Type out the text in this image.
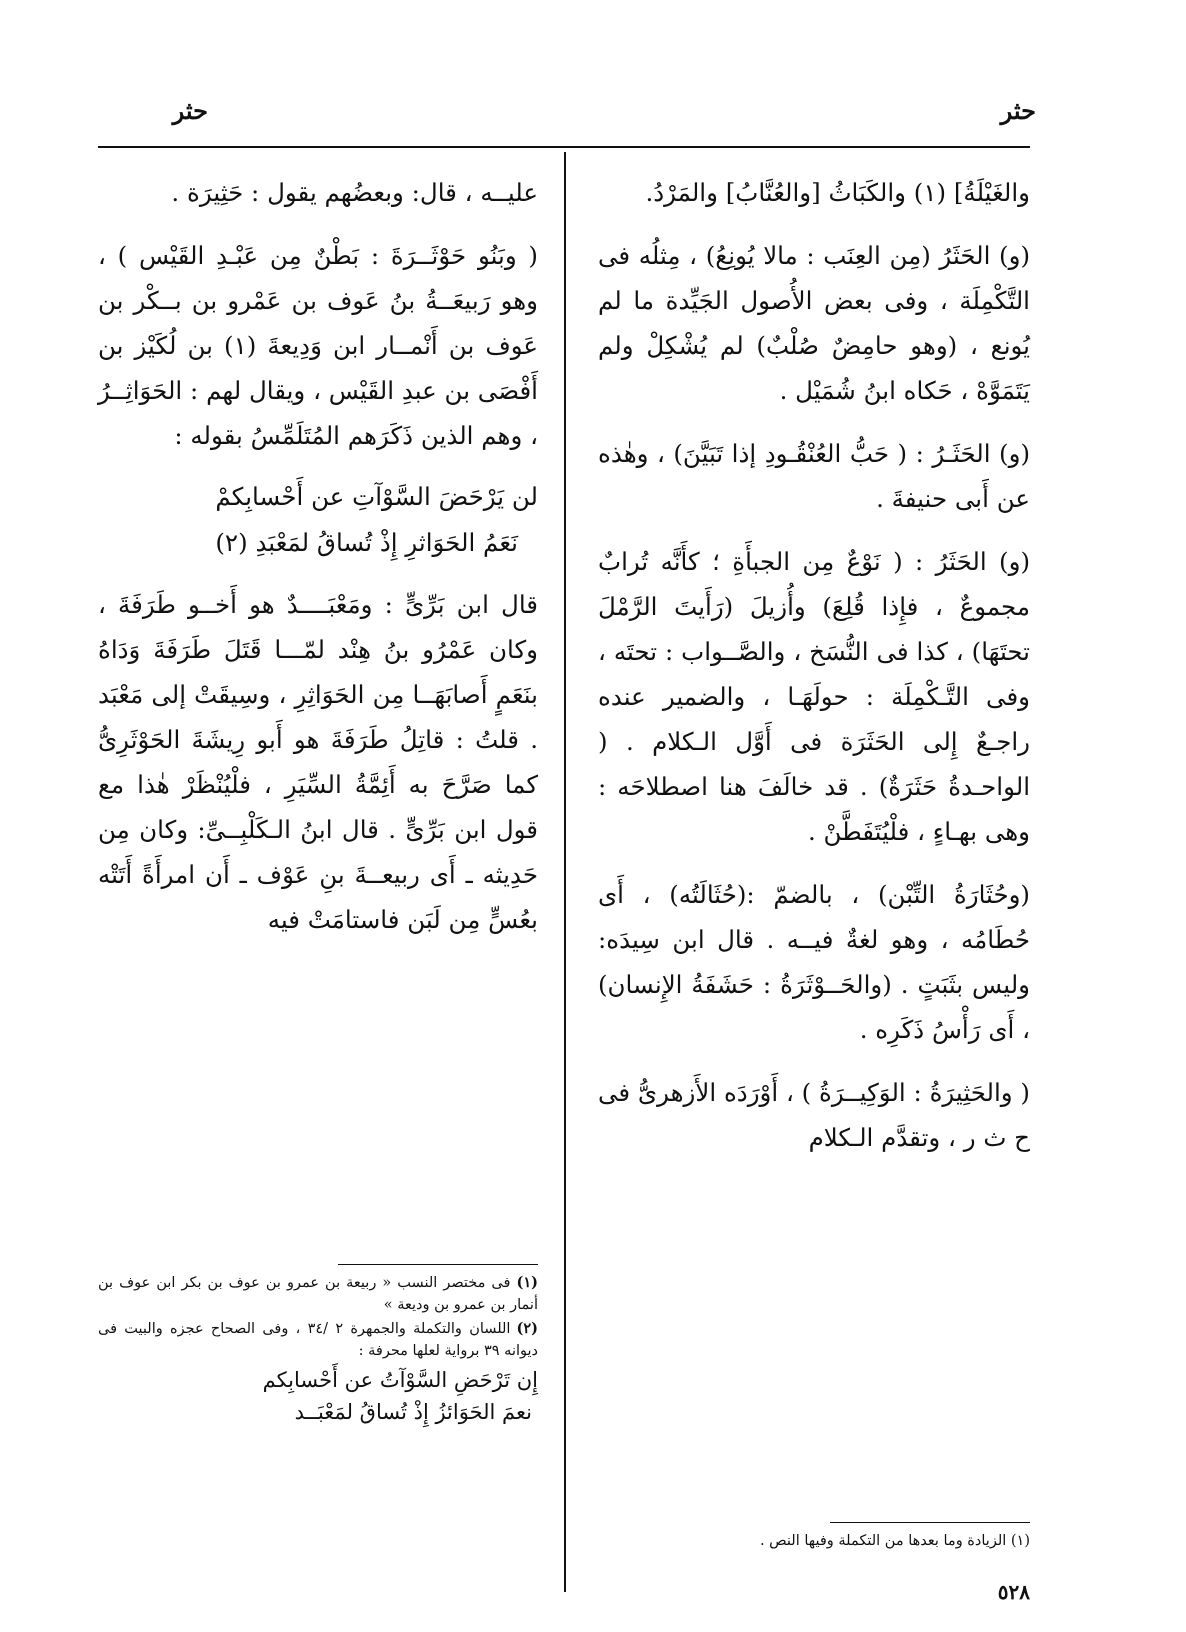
حثر
حثر

والغَيْلَةُ] (١) والكَبَاثُ [والعُنَّابُ] والمَرْدُ.

(و) الحَثَرُ (مِن العِنَب : مالا يُونِعُ) ، مِثلُه فى التَّكْمِلَة ، وفى بعض الأُصول الجَيِّدة ما لم يُونع ، (وهو حامِضٌ صُلْبٌ) لم يُشْكِلْ ولم يَتَمَوَّهْ ، حَكاه ابنُ شُمَيْل .

(و) الحَثَـرُ : ( حَبُّ العُنْقُـودِ إذا تَبَيَّنَ) ، وهٰذه عن أَبى حنيفةَ .

(و) الحَثَرُ : ( نَوْعٌ مِن الجبأَةِ ؛ كأَنَّه تُرابٌ مجموعٌ ، فإِذا قُلِعَ) وأُزيلَ (رَأَيتَ الرَّمْلَ تحتَهَا) ، كذا فى النُّسَخ ، والصَّــواب : تحتَه ، وفى التَّـكْمِلَة : حولَهَـا ، والضمير عنده راجـعٌ إِلى الحَثَرَة فى أَوَّل الـكلام . ( الواحـدةُ حَثَرَةٌ) . قد خالَفَ هنا اصطلاحَه : وهى بهـاءٍ ، فلْيُتَفَطَّنْ .

(وحُثَارَةُ التِّبْن) ، بالضمّ :(حُثَالَتُه) ، أَى حُطَامُه ، وهو لغةٌ فيــه . قال ابن سِيدَه: وليس بثَبَتٍ . (والحَــوْثَرَةُ : حَشَفَةُ الإِنسان) ، أَى رَأْسُ ذَكَرِه .

( والحَثِيرَةُ : الوَكِيــرَةُ ) ، أَوْرَدَه الأَزهرىُّ فى ح ث ر ، وتقدَّم الـكلام

عليــه ، قال: وبعضُهم يقول : حَثِيرَة .

( وبَنُو حَوْثَــرَةَ : بَطْنٌ مِن عَبْـدِ القَيْس ) ، وهو رَبيعَــةُ بنُ عَوف بن عَمْرو بن بــكْر بن عَوف بن أَنْمــار ابن وَدِيعةَ (١) بن لُكَيْز بن أَفْصَى بن عبدِ القَيْس ، ويقال لهم : الحَوَاثِــرُ ، وهم الذين ذَكَرَهم المُتَلَمِّسُ بقوله :

لن يَرْحَضَ السَّوْآتِ عن أَحْسابِكمْ

نَعَمُ الحَوَاثرِ إِذْ تُساقُ لمَعْبَدِ (٢)

قال ابن بَرِّىٍّ : ومَعْبَــــدٌ هو أَخــو طَرَفَةَ ، وكان عَمْرُو بنُ هِنْد لمّـــا قَتَلَ طَرَفَةَ وَدَاهُ بنَعَمٍ أَصابَهَــا مِن الحَوَاثِرِ ، وسِيقَتْ إلى مَعْبَد . قلتُ : قاتِلُ طَرَفَةَ هو أَبو رِيشَةَ الحَوْثَرِىُّ كما صَرَّحَ به أَئِمَّةُ السِّيَرِ ، فلْيُنْظَرْ هٰذا مع قول ابن بَرِّىٍّ . قال ابنُ الـكَلْبِــىِّ: وكان مِن حَدِيثه ـ أَى ربيعــةَ بنِ عَوْف ـ أَن امرأَةً أَتَتْه بعُسٍّ مِن لَبَن فاستامَتْ فيه

(١)فى مختصر النسب « ربيعة بن عمرو بن عوف بن بكر ابن عوف بن أنمار بن عمرو بن وديعة »

(٢)اللسان والتكملة والجمهرة ٢ /٣٤ ، وفى الصحاح عجزه والبيت فى ديوانه ٣٩ برواية لعلها محرفة :

إِن تَرْحَضِ السَّوْآتُ عن أَحْسابِكم

نعمَ الحَوَائزُ إِذْ تُساقُ لمَعْبَــد

(١) الزيادة وما بعدها من التكملة وفيها النص .

٥٢٨
